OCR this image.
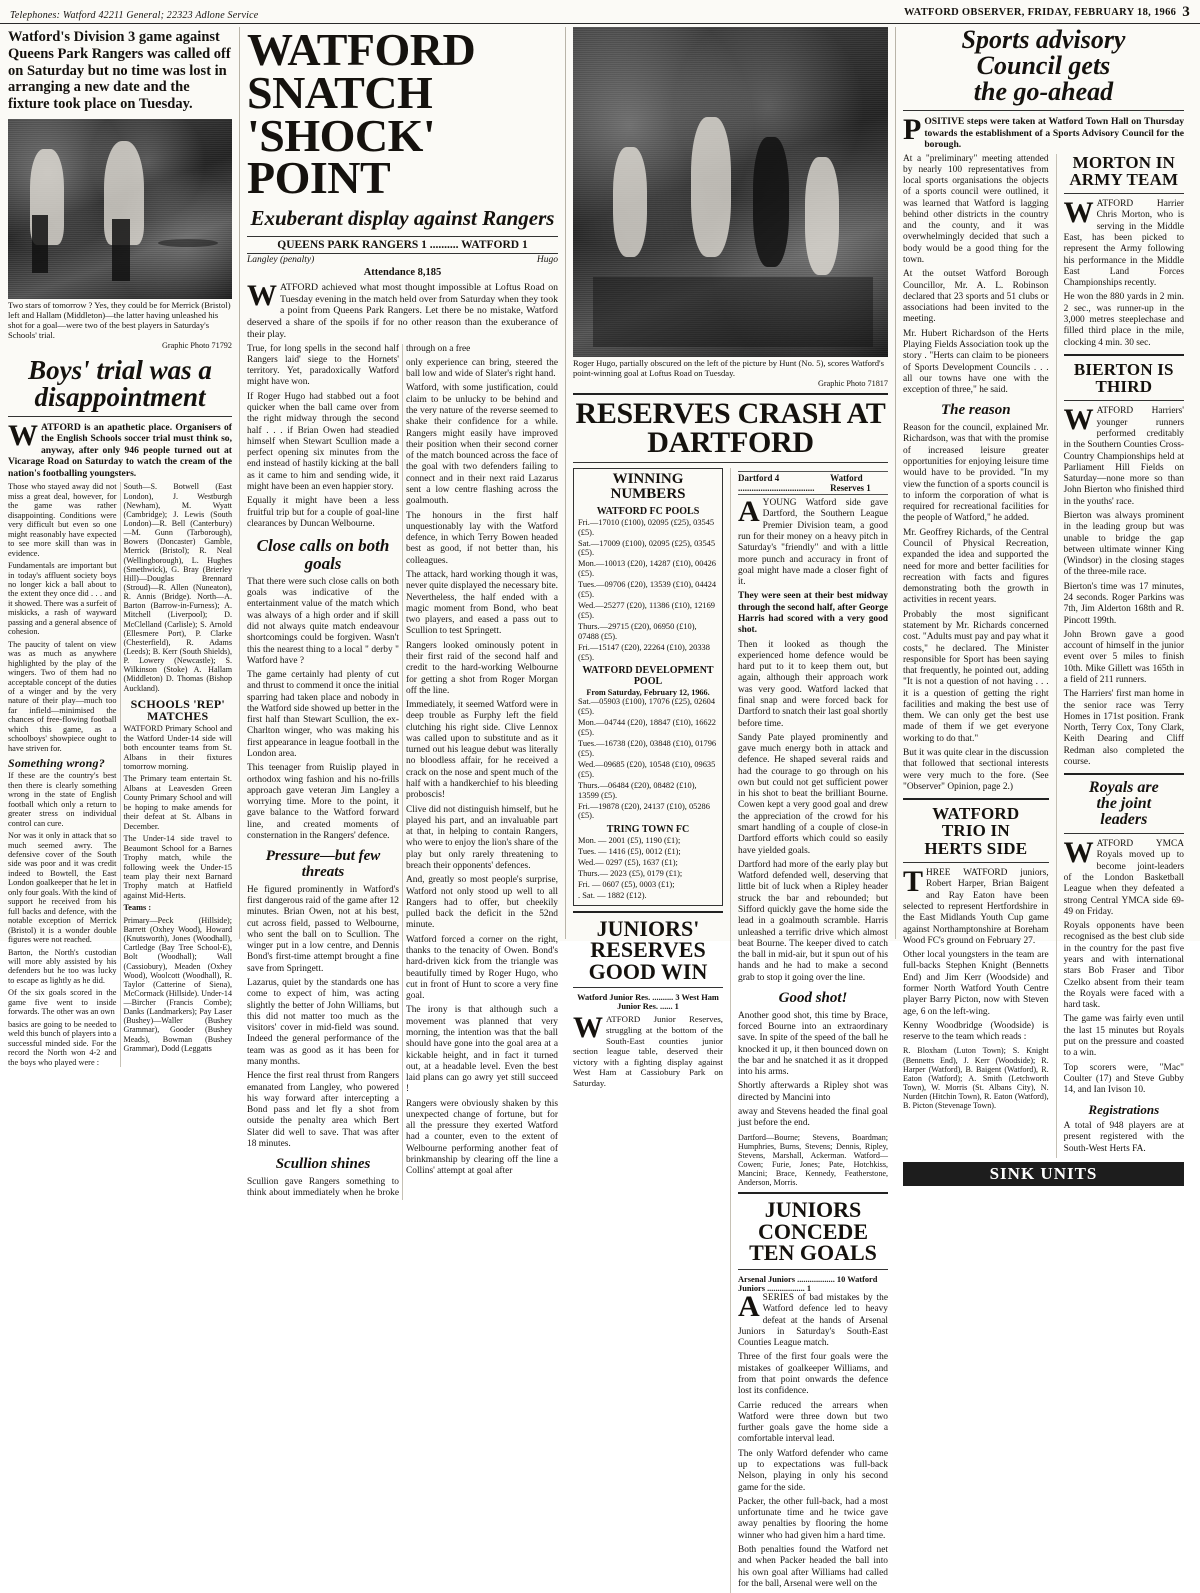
Telephones: Watford 42211 General; 22323 Adlone Service	WATFORD OBSERVER, FRIDAY, FEBRUARY 18, 1966 3
Watford's Division 3 game against Queens Park Rangers was called off on Saturday but no time was lost in arranging a new date and the fixture took place on Tuesday.
Two stars of tomorrow ? Yes, they could be for Merrick (Bristol) left and Hallam (Middleton)—the latter having unleashed his shot for a goal—were two of the best players in Saturday's Schools' trial.
Graphic Photo 71792
Boys' trial was a disappointment

WATFORD is an apathetic place. Organisers of the English Schools soccer trial must think so, anyway, after only 946 people turned out at Vicarage Road on Saturday to watch the cream of the nation's footballing youngsters.

Those who stayed away did not miss a great deal, however, for the game was rather disappointing. Conditions were very difficult but even so one might reasonably have expected to see more skill than was in evidence.

Fundamentals are important but in today's affluent society boys no longer kick a ball about to the extent they once did . . . and it showed. There was a surfeit of miskicks, a rash of wayward passing and a general absence of cohesion.

The paucity of talent on view was as much as anywhere highlighted by the play of the wingers. Two of them had no acceptable concept of the duties of a winger and by the very nature of their play—much too far infield—minimised the chances of free-flowing football which this game, as a schoolboys' showpiece ought to have striven for.

Something wrong?

If these are the country's best then there is clearly something wrong in the state of English football which only a return to greater stress on individual control can cure.

Nor was it only in attack that so much seemed awry. The defensive cover of the South side was poor and it was credit indeed to Bowtell, the East London goalkeeper that he let in only four goals. With the kind of support he received from his full backs and defence, with the notable exception of Merrick (Bristol) it is a wonder double figures were not reached.

Barton, the North's custodian will more ably assisted by his defenders but he too was lucky to escape as lightly as he did.

Of the six goals scored in the game five went to inside forwards. The other was an own

basics are going to be needed to weld this bunch of players into a successful minded side. For the record the North won 4-2 and the boys who played were :

South—S. Botwell (East London), J. Westburgh (Newham), M. Wyatt (Cambridge); J. Lewis (South London)—R. Bell (Canterbury)—M. Gunn (Tarborough), Bowers (Doncaster) Gamble, Merrick (Bristol); R. Neal (Wellingborough), L. Hughes (Smethwick), G. Bray (Brierley Hill)—Douglas Brennard (Stroud)—R. Allen (Nuneaton), R. Annis (Bridge). North—A. Barton (Barrow-in-Furness); A. Mitchell (Liverpool); D. McClelland (Carlisle); S. Arnold (Ellesmere Port), P. Clarke (Chesterfield), R. Adams (Leeds); B. Kerr (South Shields), P. Lowery (Newcastle); S. Wilkinson (Stoke) A. Hallam (Middleton) D. Thomas (Bishop Auckland).

SCHOOLS 'REP' MATCHES

WATFORD Primary School and the Watford Under-14 side will both encounter teams from St. Albans in their fixtures tomorrow morning.

The Primary team entertain St. Albans at Leavesden Green County Primary School and will be hoping to make amends for their defeat at St. Albans in December.

The Under-14 side travel to Beaumont School for a Barnes Trophy match, while the following week the Under-15 team play their next Barnard Trophy match at Hatfield against Mid-Herts.

Teams :

Primary—Peck (Hillside); Barrett (Oxhey Wood), Howard (Knutsworth), Jones (Woodhall), Cartledge (Bay Tree School-E), Bolt (Woodhall); Wall (Cassiobury), Meaden (Oxhey Wood), Woolcott (Woodhall), R. Taylor (Catterine of Siena), McCormack (Hillside). Under-14—Bircher (Francis Combe); Danks (Landmarkers); Pay Laser (Bushey)—Waller (Bushey Grammar), Gooder (Bushey Meads), Bowman (Bushey Grammar), Dodd (Leggatts

WATFORD SNATCH 'SHOCK'
POINT
Exuberant display against Rangers
QUEENS PARK RANGERS 1 .......... WATFORD 1
Langley (penalty)	Hugo
Attendance 8,185

WATFORD achieved what most thought impossible at Loftus Road on Tuesday evening in the match held over from Saturday when they took a point from Queens Park Rangers. Let there be no mistake, Watford deserved a share of the spoils if for no other reason than the exuberance of their play.

True, for long spells in the second half Rangers laid' siege to the Hornets' territory. Yet, paradoxically Watford might have won.

If Roger Hugo had stabbed out a foot quicker when the ball came over from the right midway through the second half . . . if Brian Owen had steadied himself when Stewart Scullion made a perfect opening six minutes from the end instead of hastily kicking at the ball as it came to him and sending wide, it might have been an even happier story.

Equally it might have been a less fruitful trip but for a couple of goal-line clearances by Duncan Welbourne.

Close calls on both goals

That there were such close calls on both goals was indicative of the entertainment value of the match which was always of a high order and if skill did not always quite match endeavour shortcomings could be forgiven. Wasn't this the nearest thing to a local " derby " Watford have ?

The game certainly had plenty of cut and thrust to commend it once the initial sparring had taken place and nobody in the Watford side showed up better in the first half than Stewart Scullion, the ex-Charlton winger, who was making his first appearance in league football in the London area.

This teenager from Ruislip played in orthodox wing fashion and his no-frills approach gave veteran Jim Langley a worrying time. More to the point, it gave balance to the Watford forward line, and created moments of consternation in the Rangers' defence.

Pressure—but few threats

He figured prominently in Watford's first dangerous raid of the game after 12 minutes. Brian Owen, not at his best, cut across field, passed to Welbourne, who sent the ball on to Scullion. The winger put in a low centre, and Dennis Bond's first-time attempt brought a fine save from Springett.

Lazarus, quiet by the standards one has come to expect of him, was acting slightly the better of John Williams, but this did not matter too much as the visitors' cover in mid-field was sound. Indeed the general performance of the team was as good as it has been for many months.

Hence the first real thrust from Rangers emanated from Langley, who powered his way forward after intercepting a Bond pass and let fly a shot from outside the penalty area which Bert Slater did well to save. That was after 18 minutes.

Scullion shines

Scullion gave Rangers something to think about immediately when he broke through on a free

only experience can bring, steered the ball low and wide of Slater's right hand.

Watford, with some justification, could claim to be unlucky to be behind and the very nature of the reverse seemed to shake their confidence for a while. Rangers might easily have improved their position when their second corner of the match bounced across the face of the goal with two defenders failing to connect and in their next raid Lazarus sent a low centre flashing across the goalmouth.

The honours in the first half unquestionably lay with the Watford defence, in which Terry Bowen headed best as good, if not better than, his colleagues.

The attack, hard working though it was, never quite displayed the necessary bite. Nevertheless, the half ended with a magic moment from Bond, who beat two players, and eased a pass out to Scullion to test Springett.

Rangers looked ominously potent in their first raid of the second half and credit to the hard-working Welbourne for getting a shot from Roger Morgan off the line.

Immediately, it seemed Watford were in deep trouble as Furphy left the field clutching his right side. Clive Lennox was called upon to substitute and as it turned out his league debut was literally no bloodless affair, for he received a crack on the nose and spent much of the half with a handkerchief to his bleeding proboscis!

Clive did not distinguish himself, but he played his part, and an invaluable part at that, in helping to contain Rangers, who were to enjoy the lion's share of the play but only rarely threatening to breach their opponents' defences.

And, greatly so most people's surprise, Watford not only stood up well to all Rangers had to offer, but cheekily pulled back the deficit in the 52nd minute.

Watford forced a corner on the right, thanks to the tenacity of Owen. Bond's hard-driven kick from the triangle was beautifully timed by Roger Hugo, who cut in front of Hunt to score a very fine goal.

The irony is that although such a movement was planned that very morning, the intention was that the ball should have gone into the goal area at a kickable height, and in fact it turned out, at a headable level. Even the best laid plans can go awry yet still succeed !

Rangers were obviously shaken by this unexpected change of fortune, but for all the pressure they exerted Watford had a counter, even to the extent of Welbourne performing another feat of brinkmanship by clearing off the line a Collins' attempt at goal after

Roger Hugo, partially obscured on the left of the picture by Hunt (No. 5), scores Watford's point-winning goal at Loftus Road on Tuesday.
Graphic Photo 71817
RESERVES CRASH AT
DARTFORD
WINNING NUMBERS
WATFORD FC POOLS
Fri.—17010 (£100), 02095 (£25), 03545 (£5).
Sat.—17009 (£100), 02095 (£25), 03545 (£5).
Mon.—10013 (£20), 14287 (£10), 00426 (£5).
Tues.—09706 (£20), 13539 (£10), 04424 (£5).
Wed.—25277 (£20), 11386 (£10), 12169 (£5).
Thurs.—29715 (£20), 06950 (£10), 07488 (£5).
Fri.—15147 (£20), 22264 (£10), 20338 (£5).
WATFORD DEVELOPMENT POOL
From Saturday, February 12, 1966.
Sat.—05903 (£100), 17076 (£25), 02604 (£5).
Mon.—04744 (£20), 18847 (£10), 16622 (£5).
Tues.—16738 (£20), 03848 (£10), 01796 (£5).
Wed.—09685 (£20), 10548 (£10), 09635 (£5).
Thurs.—06484 (£20), 08482 (£10), 13599 (£5).
Fri.—19878 (£20), 24137 (£10), 05286 (£5).
TRING TOWN FC
Mon. — 2001 (£5), 1190 (£1);
Tues. — 1416 (£5), 0012 (£1);
Wed.— 0297 (£5), 1637 (£1);
Thurs.— 2023 (£5), 0179 (£1);
Fri. — 0607 (£5), 0003 (£1);
. Sat. — 1882 (£12).
JUNIORS' RESERVES GOOD WIN
Watford Junior Res. .......... 3 West Ham Junior Res. ...... 1

WATFORD Junior Reserves, struggling at the bottom of the South-East counties junior section league table, deserved their victory with a fighting display against West Ham at Cassiobury Park on Saturday.

Dartford 4 ..................................
Watford Reserves 1

AYOUNG Watford side gave Dartford, the Southern League Premier Division team, a good run for their money on a heavy pitch in Saturday's "friendly" and with a little more punch and accuracy in front of goal might have made a closer fight of it.

They were seen at their best midway through the second half, after George Harris had scored with a very good shot.

Then it looked as though the experienced home defence would be hard put to it to keep them out, but again, although their approach work was very good. Watford lacked that final snap and were forced back for Dartford to snatch their last goal shortly before time.

Sandy Pate played prominently and gave much energy both in attack and defence. He shaped several raids and had the courage to go through on his own but could not get sufficient power in his shot to beat the brilliant Bourne. Cowen kept a very good goal and drew the appreciation of the crowd for his smart handling of a couple of close-in Dartford efforts which could so easily have yielded goals.

Dartford had more of the early play but Watford defended well, deserving that little bit of luck when a Ripley header struck the bar and rebounded; but Sifford quickly gave the home side the lead in a goalmouth scramble. Harris unleashed a terrific drive which almost beat Bourne. The keeper dived to catch the ball in mid-air, but it spun out of his hands and he had to make a second grab to stop it going over the line.

Good shot!

Another good shot, this time by Brace, forced Bourne into an extraordinary save. In spite of the speed of the ball he knocked it up, it then bounced down on the bar and he snatched it as it dropped into his arms.

Shortly afterwards a Ripley shot was directed by Mancini into

away and Stevens headed the final goal just before the end.

Dartford—Bourne; Stevens, Boardman; Humphries, Burns, Stevens; Dennis, Ripley, Stevens, Marshall, Ackerman. Watford—Cowen; Furie, Jones; Pate, Hotchkiss, Mancini; Brace, Kennedy, Featherstone, Anderson, Morris.

JUNIORS
CONCEDE
TEN GOALS
Arsenal Juniors .................. 10 Watford Juniors .................. 1

ASERIES of bad mistakes by the Watford defence led to heavy defeat at the hands of Arsenal Juniors in Saturday's South-East Counties League match.

Three of the first four goals were the mistakes of goalkeeper Williams, and from that point onwards the defence lost its confidence.

Carrie reduced the arrears when Watford were three down but two further goals gave the home side a comfortable interval lead.

The only Watford defender who came up to expectations was full-back Nelson, playing in only his second game for the side.

Packer, the other full-back, had a most unfortunate time and he twice gave away penalties by flooring the home winner who had given him a hard time.

Both penalties found the Watford net and when Packer headed the ball into his own goal after Williams had called for the ball, Arsenal were well on the

Sports advisory
Council gets
the go-ahead

POSITIVE steps were taken at Watford Town Hall on Thursday towards the establishment of a Sports Advisory Council for the borough.

At a "preliminary" meeting attended by nearly 100 representatives from local sports organisations the objects of a sports council were outlined, it was learned that Watford is lagging behind other districts in the country and the county, and it was overwhelmingly decided that such a body would be a good thing for the town.

At the outset Watford Borough Councillor, Mr. A. L. Robinson declared that 23 sports and 51 clubs or associations had been invited to the meeting.

Mr. Hubert Richardson of the Herts Playing Fields Association took up the story . "Herts can claim to be pioneers of Sports Development Councils . . . all our towns have one with the exception of three," he said.

The reason

Reason for the council, explained Mr. Richardson, was that with the promise of increased leisure greater opportunities for enjoying leisure time would have to be provided. "In my view the function of a sports council is to inform the corporation of what is required for recreational facilities for the people of Watford," he added.

Mr. Geoffrey Richards, of the Central Council of Physical Recreation, expanded the idea and supported the need for more and better facilities for recreation with facts and figures demonstrating both the growth in activities in recent years.

Probably the most significant statement by Mr. Richards concerned cost. "Adults must pay and pay what it costs," he declared. The Minister responsible for Sport has been saying that frequently, he pointed out, adding "It is not a question of not having . . . it is a question of getting the right facilities and making the best use of them. We can only get the best use made of them if we get everyone working to do that."

But it was quite clear in the discussion that followed that sectional interests were very much to the fore. (See "Observer" Opinion, page 2.)

WATFORD
TRIO IN
HERTS SIDE

THREE WATFORD juniors, Robert Harper, Brian Baigent and Ray Eaton have been selected to represent Hertfordshire in the East Midlands Youth Cup game against Northamptonshire at Boreham Wood FC's ground on February 27.

Other local youngsters in the team are full-backs Stephen Knight (Bennetts End) and Jim Kerr (Woodside) and former North Watford Youth Centre player Barry Picton, now with Steven age, 6 on the left-wing.

Kenny Woodbridge (Woodside) is reserve to the team which reads :

R. Bloxham (Luton Town); S. Knight (Bennetts End), J. Kerr (Woodside); R. Harper (Watford), B. Baigent (Watford), R. Eaton (Watford); A. Smith (Letchworth Town), W. Morris (St. Albans City), N. Nurden (Hitchin Town), R. Eaton (Watford), B. Picton (Stevenage Town).

MORTON IN
ARMY TEAM

WATFORD Harrier Chris Morton, who is serving in the Middle East, has been picked to represent the Army following his performance in the Middle East Land Forces Championships recently.

He won the 880 yards in 2 min. 2 sec., was runner-up in the 3,000 metres steeplechase and filled third place in the mile, clocking 4 min. 30 sec.

BIERTON IS
THIRD

WATFORD Harriers' younger runners performed creditably in the Southern Counties Cross-Country Championships held at Parliament Hill Fields on Saturday—none more so than John Bierton who finished third in the youths' race.

Bierton was always prominent in the leading group but was unable to bridge the gap between ultimate winner King (Windsor) in the closing stages of the three-mile race.

Bierton's time was 17 minutes, 24 seconds. Roger Parkins was 7th, Jim Alderton 168th and R. Pincott 199th.

John Brown gave a good account of himself in the junior event over 5 miles to finish 10th. Mike Gillett was 165th in a field of 211 runners.

The Harriers' first man home in the senior race was Terry Homes in 171st position. Frank North, Terry Cox, Tony Clark, Keith Dearing and Cliff Redman also completed the course.

Royals are
the joint
leaders

WATFORD YMCA Royals moved up to become joint-leaders of the London Basketball League when they defeated a strong Central YMCA side 69-49 on Friday.

Royals opponents have been recognised as the best club side in the country for the past five years and with international stars Bob Fraser and Tibor Czelko absent from their team the Royals were faced with a hard task.

The game was fairly even until the last 15 minutes but Royals put on the pressure and coasted to a win.

Top scorers were, "Mac" Coulter (17) and Steve Gubby 14, and Ian Ivison 10.

Registrations

A total of 948 players are at present registered with the South-West Herts FA.

SINK UNITS
